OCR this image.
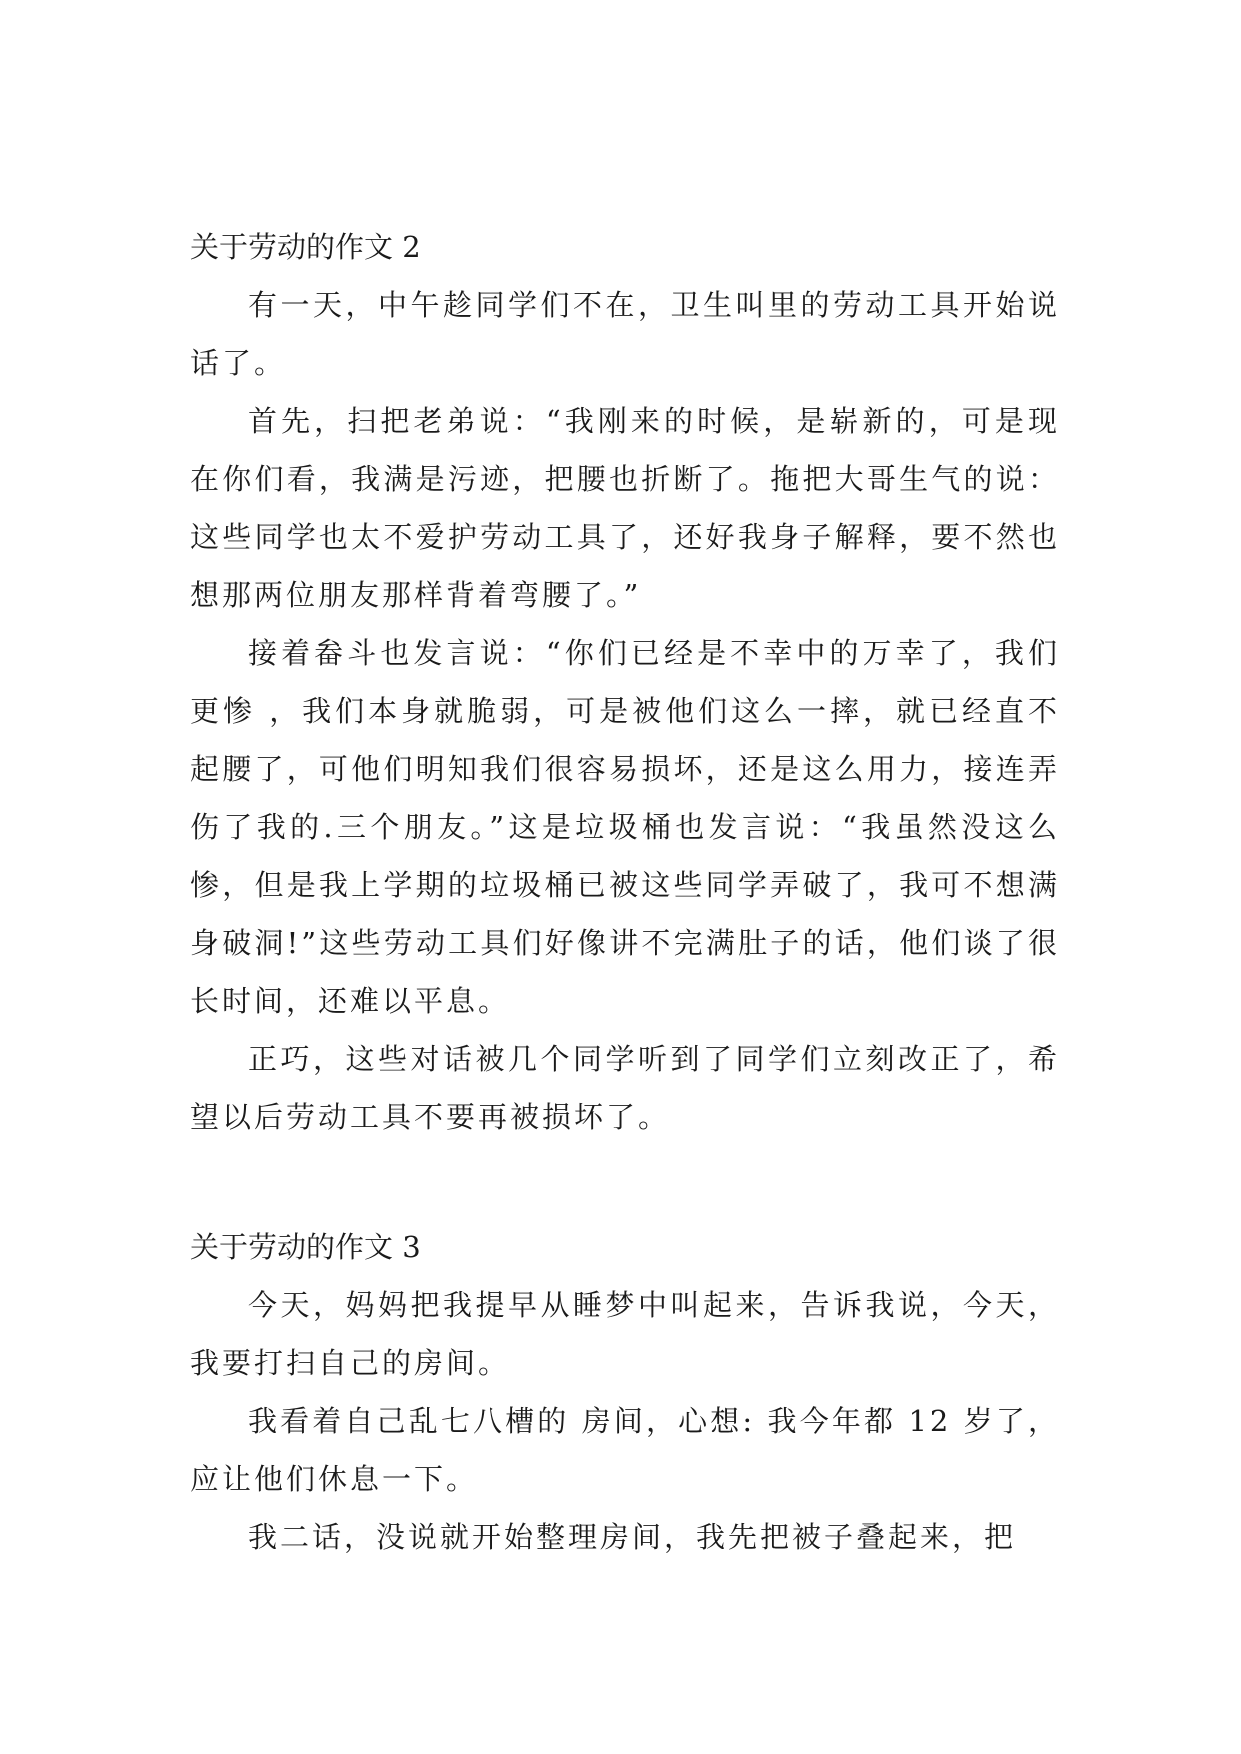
关于劳动的作文 2

有一天，中午趁同学们不在，卫生叫里的劳动工具开始说话了。

首先，扫把老弟说：“我刚来的时候，是崭新的，可是现在你们看，我满是污迹，把腰也折断了。拖把大哥生气的说：这些同学也太不爱护劳动工具了，还好我身子解释，要不然也想那两位朋友那样背着弯腰了。”

接着畚斗也发言说：“你们已经是不幸中的万幸了，我们更惨 ，我们本身就脆弱，可是被他们这么一摔，就已经直不起腰了，可他们明知我们很容易损坏，还是这么用力，接连弄伤了我的.三个朋友。”这是垃圾桶也发言说：“我虽然没这么惨，但是我上学期的垃圾桶已被这些同学弄破了，我可不想满身破洞!”这些劳动工具们好像讲不完满肚子的话，他们谈了很长时间，还难以平息。

正巧，这些对话被几个同学听到了同学们立刻改正了，希望以后劳动工具不要再被损坏了。

关于劳动的作文 3

今天，妈妈把我提早从睡梦中叫起来，告诉我说，今天，我要打扫自己的房间。

我看着自己乱七八槽的 房间，心想: 我今年都 12 岁了，应让他们休息一下。

我二话，没说就开始整理房间，我先把被子叠起来，把
